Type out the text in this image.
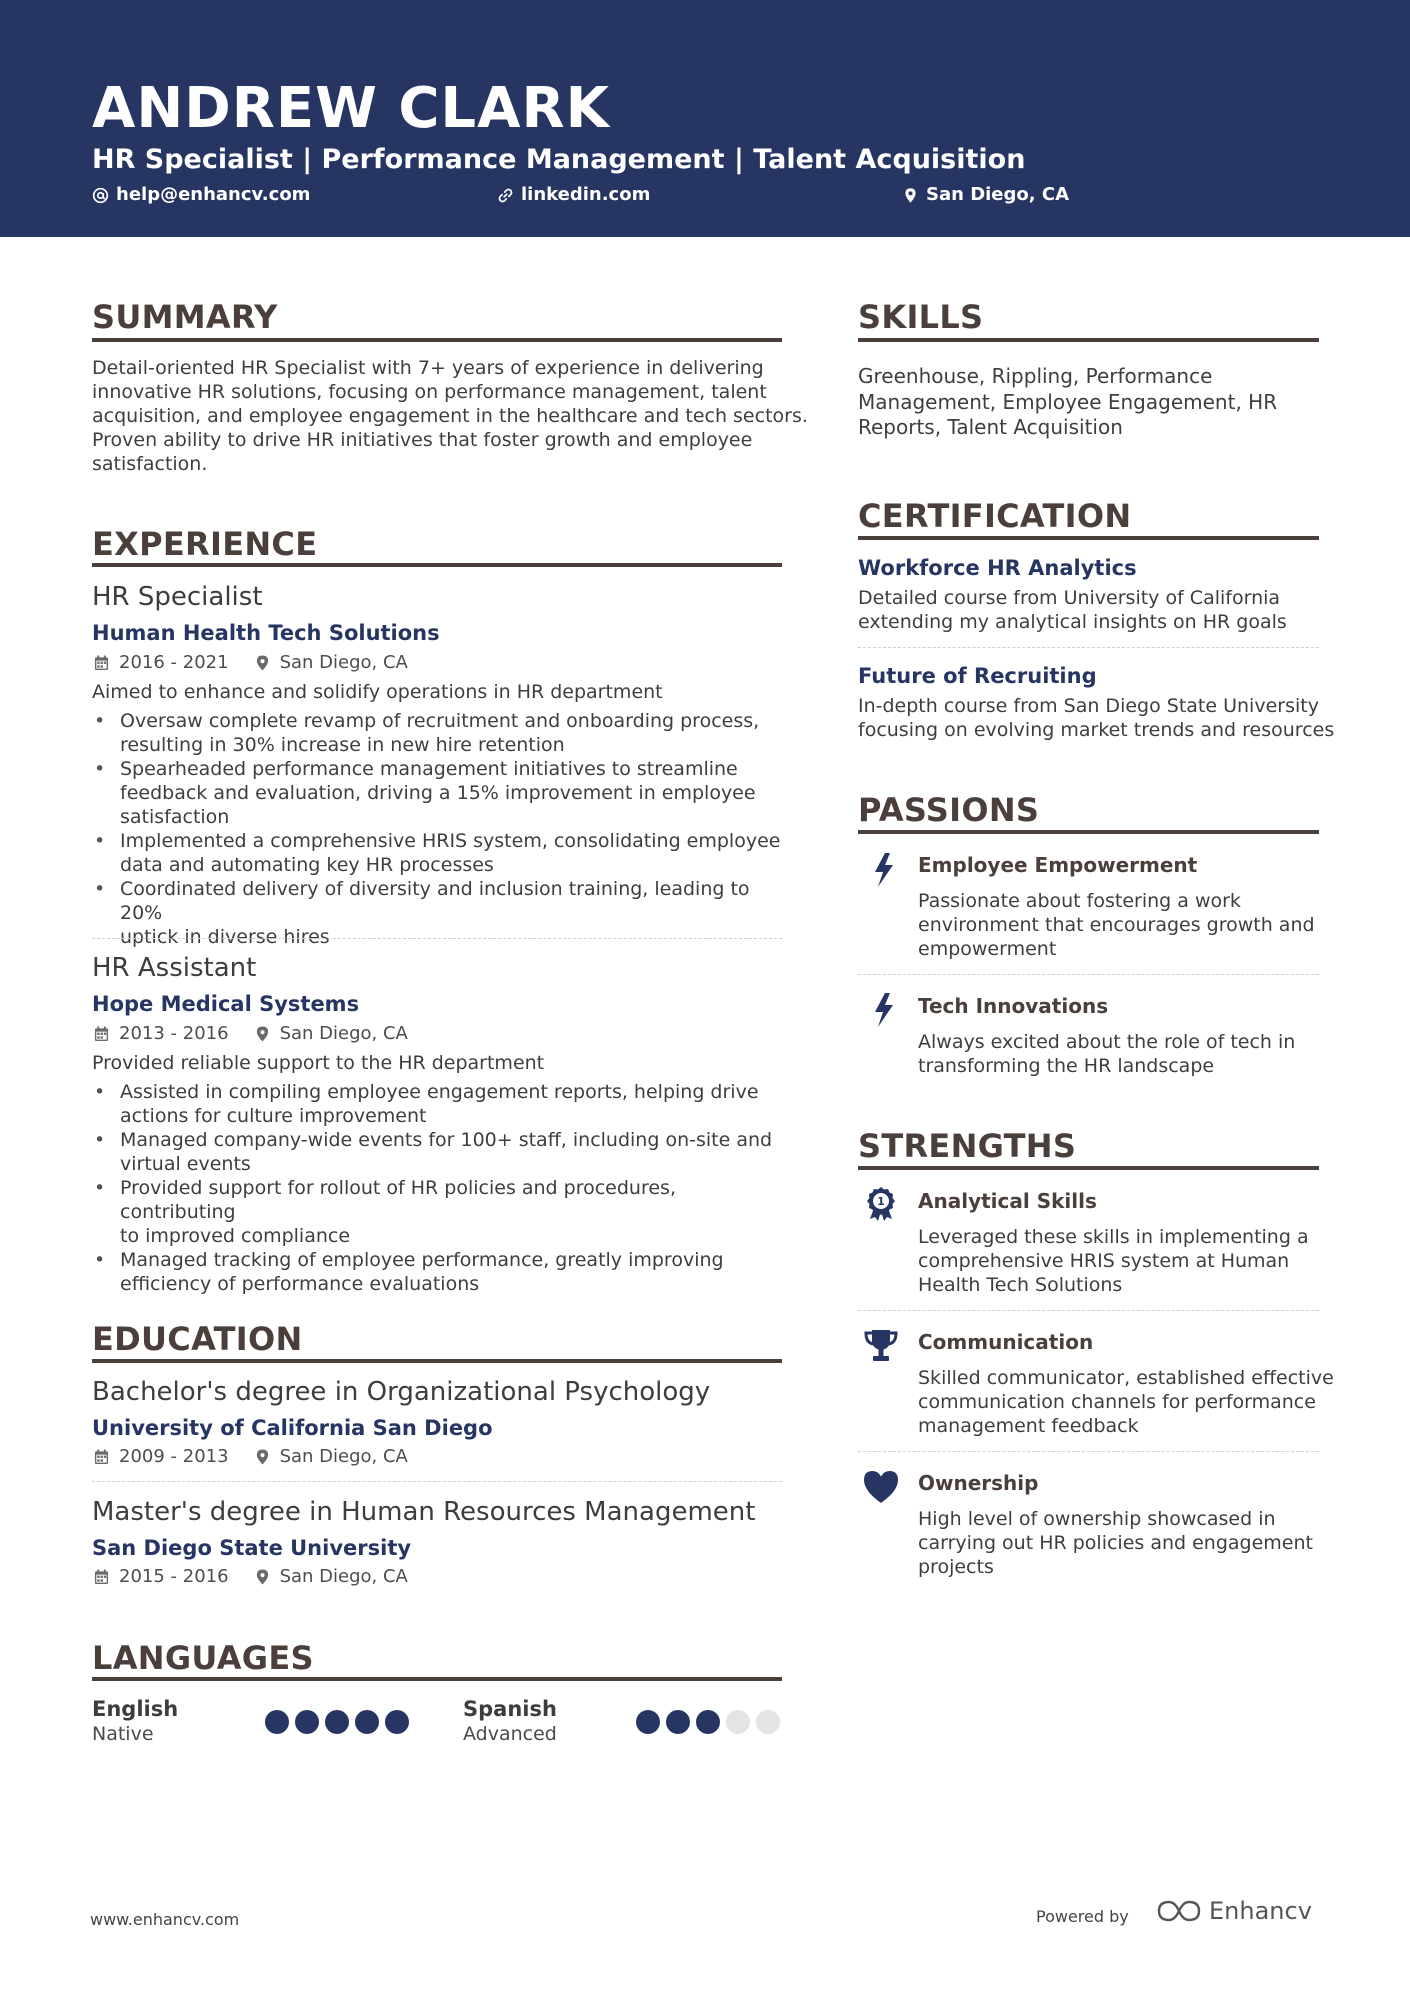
ANDREW CLARK
HR Specialist | Performance Management | Talent Acquisition
help@enhancv.com	linkedin.com	San Diego, CA
SUMMARY
Detail-oriented HR Specialist with 7+ years of experience in delivering
innovative HR solutions, focusing on performance management, talent
acquisition, and employee engagement in the healthcare and tech sectors.
Proven ability to drive HR initiatives that foster growth and employee
satisfaction.
EXPERIENCE
HR Specialist
Human Health Tech Solutions
2016 - 2021	San Diego, CA
Aimed to enhance and solidify operations in HR department
• Oversaw complete revamp of recruitment and onboarding process,
resulting in 30% increase in new hire retention
• Spearheaded performance management initiatives to streamline
feedback and evaluation, driving a 15% improvement in employee
satisfaction
• Implemented a comprehensive HRIS system, consolidating employee
data and automating key HR processes
• Coordinated delivery of diversity and inclusion training, leading to 20%
uptick in diverse hires
HR Assistant
Hope Medical Systems
2013 - 2016	San Diego, CA
Provided reliable support to the HR department
• Assisted in compiling employee engagement reports, helping drive
actions for culture improvement
• Managed company-wide events for 100+ staff, including on-site and
virtual events
• Provided support for rollout of HR policies and procedures, contributing
to improved compliance
• Managed tracking of employee performance, greatly improving
efficiency of performance evaluations
EDUCATION
Bachelor's degree in Organizational Psychology
University of California San Diego
2009 - 2013	San Diego, CA
Master's degree in Human Resources Management
San Diego State University
2015 - 2016	San Diego, CA
LANGUAGES
English
Native
Spanish
Advanced
SKILLS
Greenhouse, Rippling, Performance
Management, Employee Engagement, HR
Reports, Talent Acquisition
CERTIFICATION
Workforce HR Analytics
Detailed course from University of California
extending my analytical insights on HR goals
Future of Recruiting
In-depth course from San Diego State University
focusing on evolving market trends and resources
PASSIONS
Employee Empowerment
Passionate about fostering a work
environment that encourages growth and
empowerment
Tech Innovations
Always excited about the role of tech in
transforming the HR landscape
STRENGTHS
1 Analytical Skills
Leveraged these skills in implementing a
comprehensive HRIS system at Human
Health Tech Solutions
Communication
Skilled communicator, established effective
communication channels for performance
management feedback
Ownership
High level of ownership showcased in
carrying out HR policies and engagement
projects
www.enhancv.com	Powered by	Enhancv
